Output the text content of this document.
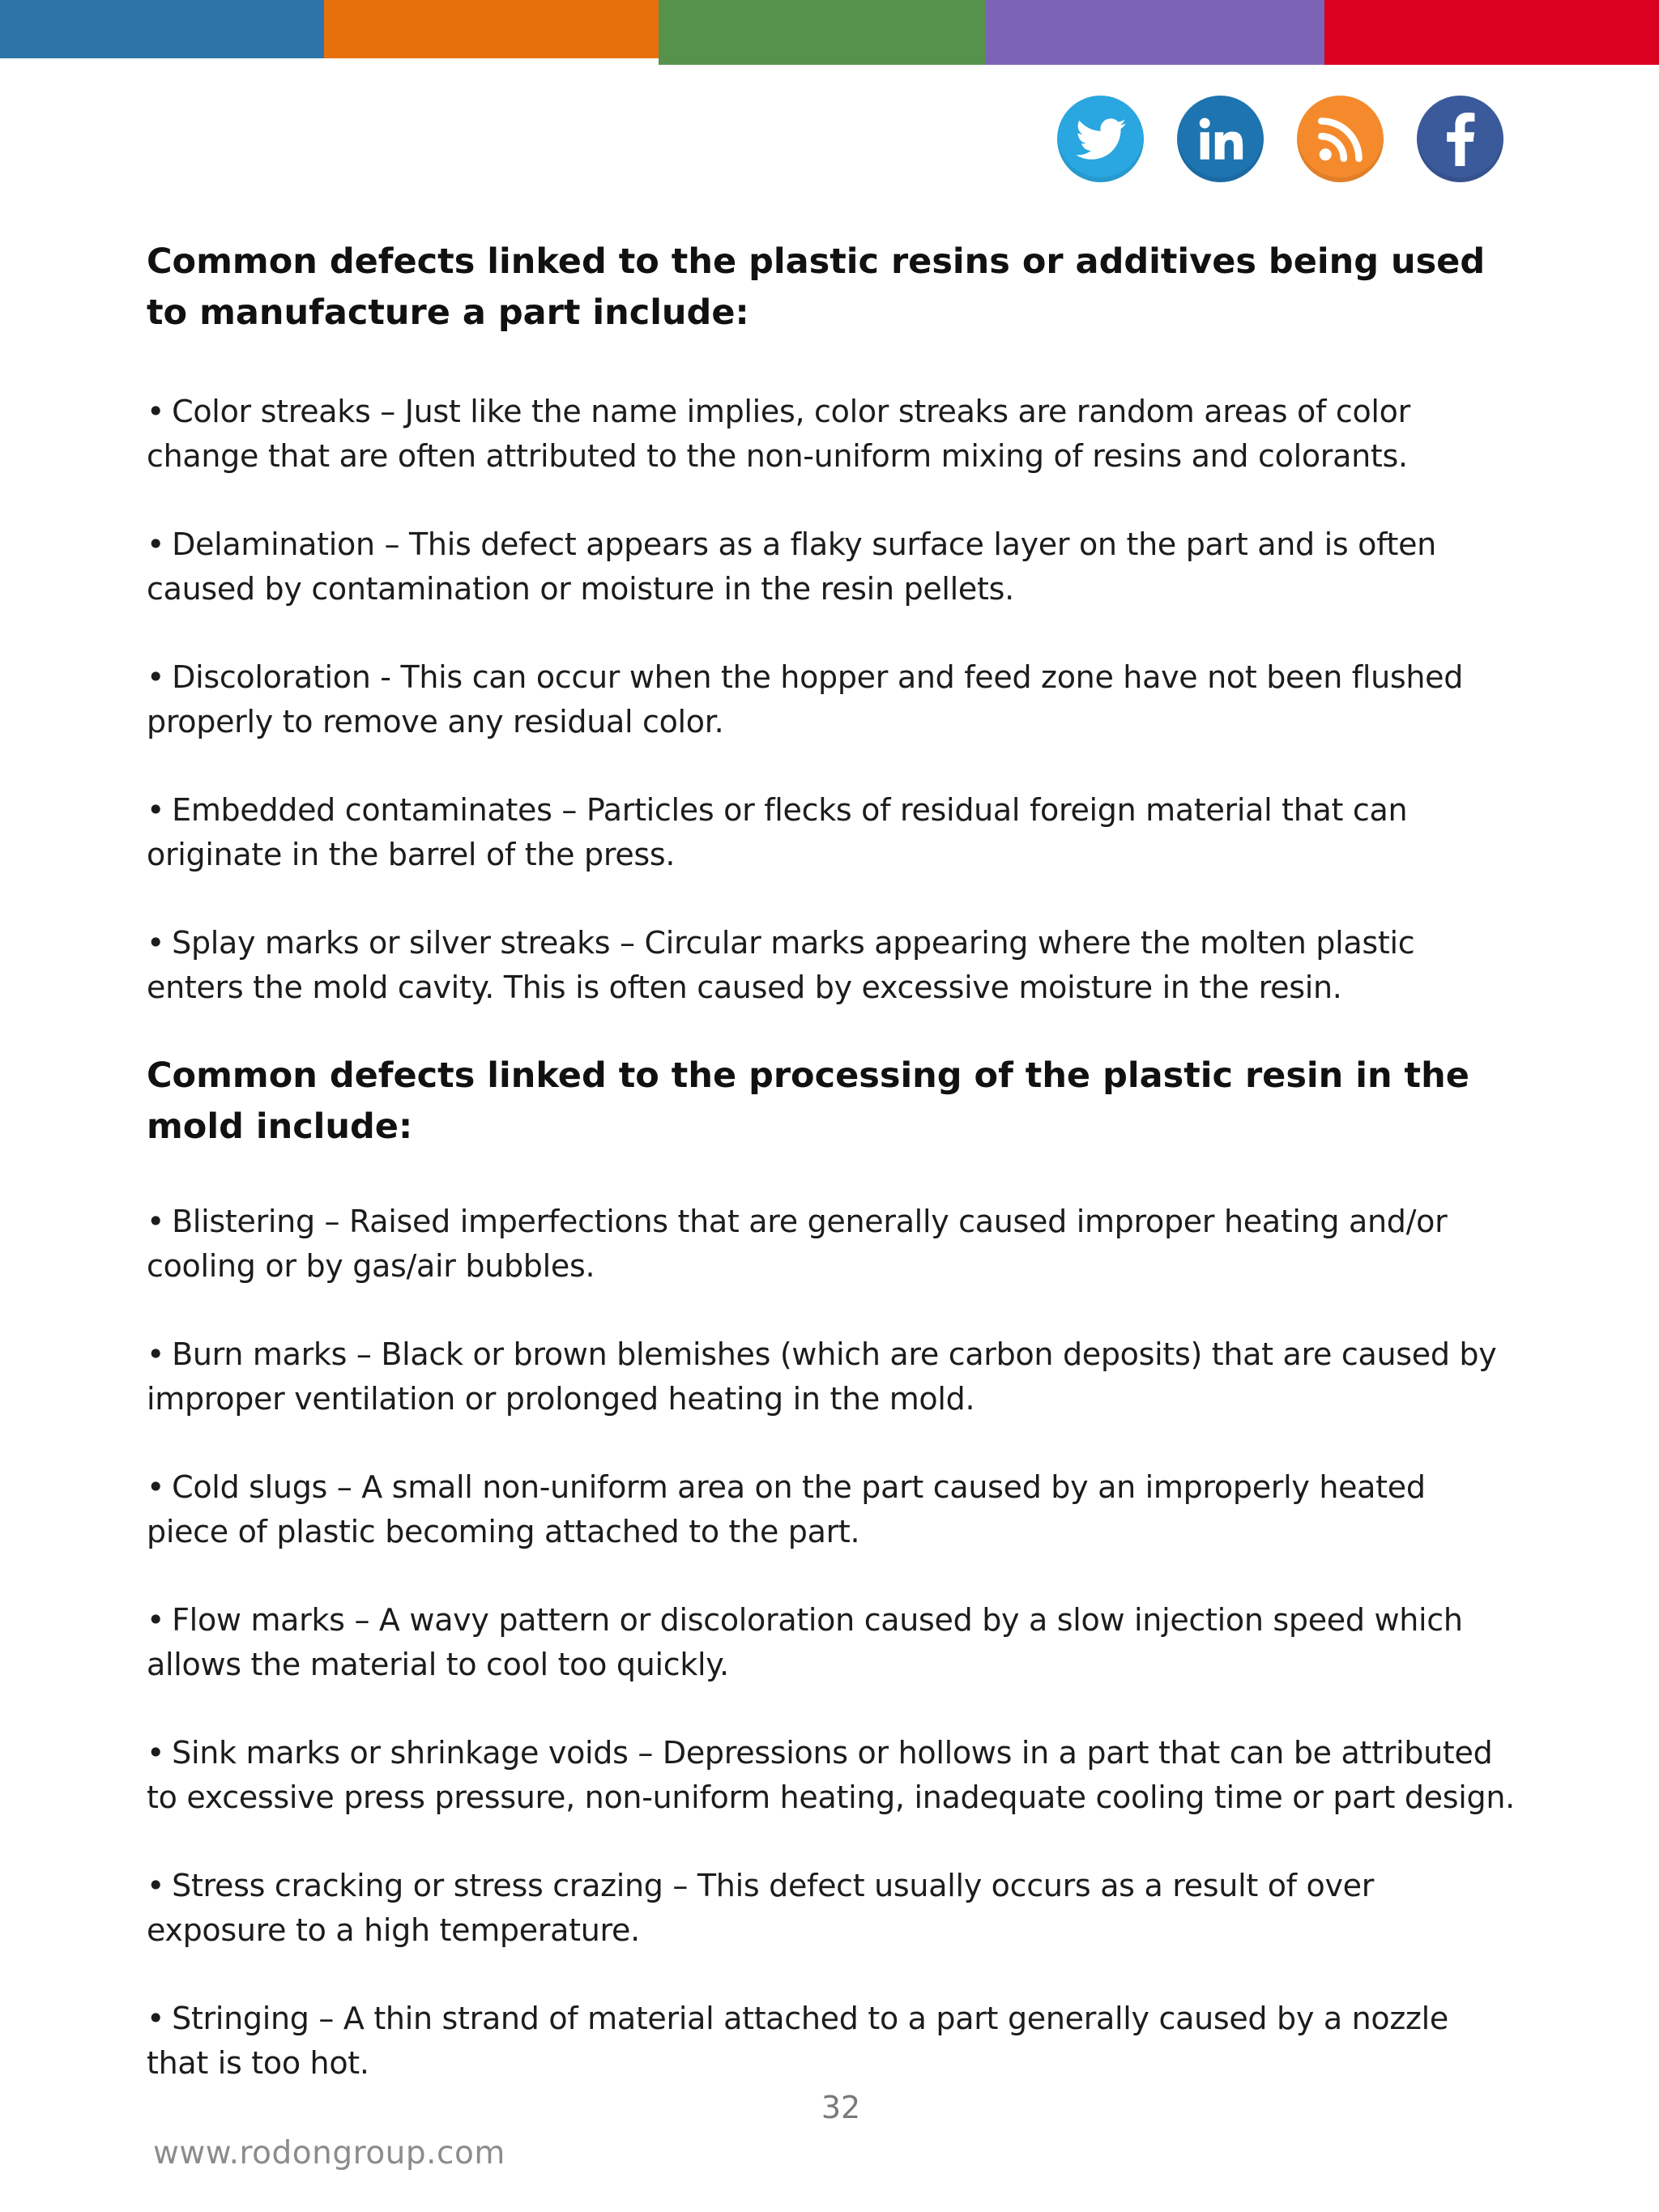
Common defects linked to the plastic resins or additives being used to manufacture a part include:

• Color streaks – Just like the name implies, color streaks are random areas of color change that are often attributed to the non-uniform mixing of resins and colorants.

• Delamination – This defect appears as a flaky surface layer on the part and is often caused by contamination or moisture in the resin pellets.

• Discoloration - This can occur when the hopper and feed zone have not been flushed properly to remove any residual color.

• Embedded contaminates – Particles or flecks of residual foreign material that can originate in the barrel of the press.

• Splay marks or silver streaks – Circular marks appearing where the molten plastic enters the mold cavity. This is often caused by excessive moisture in the resin.

Common defects linked to the processing of the plastic resin in the mold include:

• Blistering – Raised imperfections that are generally caused improper heating and/or cooling or by gas/air bubbles.

• Burn marks – Black or brown blemishes (which are carbon deposits) that are caused by improper ventilation or prolonged heating in the mold.

• Cold slugs – A small non-uniform area on the part caused by an improperly heated piece of plastic becoming attached to the part.

• Flow marks – A wavy pattern or discoloration caused by a slow injection speed which allows the material to cool too quickly.

• Sink marks or shrinkage voids – Depressions or hollows in a part that can be attributed to excessive press pressure, non-uniform heating, inadequate cooling time or part design.

• Stress cracking or stress crazing – This defect usually occurs as a result of over exposure to a high temperature.

• Stringing – A thin strand of material attached to a part generally caused by a nozzle that is too hot.

32
www.rodongroup.com
